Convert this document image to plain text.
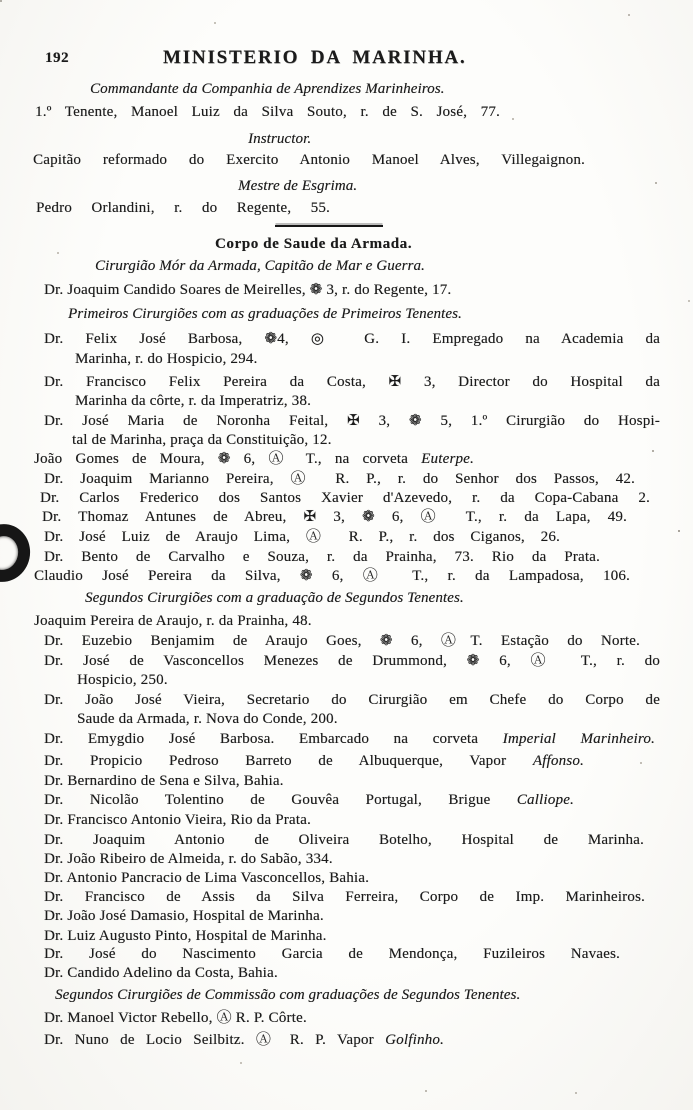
192	MINISTERIO DA MARINHA.
Commandante da Companhia de Aprendizes Marinheiros.
1.º Tenente, Manoel Luiz da Silva Souto, r. de S. José, 77.
Instructor.
Capitão reformado do Exercito Antonio Manoel Alves, Villegaignon.
Mestre de Esgrima.
Pedro Orlandini, r. do Regente, 55.
Corpo de Saude da Armada.
Cirurgião Mór da Armada, Capitão de Mar e Guerra.
Dr. Joaquim Candido Soares de Meirelles, ❁ 3, r. do Regente, 17.
Primeiros Cirurgiões com as graduações de Primeiros Tenentes.
Dr. Felix José Barbosa, ❁4, ◎ G. I. Empregado na Academia da
Marinha, r. do Hospicio, 294.
Dr. Francisco Felix Pereira da Costa, ✠ 3, Director do Hospital da
Marinha da côrte, r. da Imperatriz, 38.
Dr. José Maria de Noronha Feital, ✠ 3, ❁ 5, 1.º Cirurgião do Hospi-
tal de Marinha, praça da Constituição, 12.
João Gomes de Moura, ❁ 6, Ⓐ T., na corveta Euterpe.
Dr. Joaquim Marianno Pereira, Ⓐ R. P., r. do Senhor dos Passos, 42.
Dr. Carlos Frederico dos Santos Xavier d'Azevedo, r. da Copa-Cabana 2.
Dr. Thomaz Antunes de Abreu, ✠ 3, ❁ 6, Ⓐ T., r. da Lapa, 49.
Dr. José Luiz de Araujo Lima, Ⓐ R. P., r. dos Ciganos, 26.
Dr. Bento de Carvalho e Souza, r. da Prainha, 73. Rio da Prata.
Claudio José Pereira da Silva, ❁ 6, Ⓐ T., r. da Lampadosa, 106.
Segundos Cirurgiões com a graduação de Segundos Tenentes.
Joaquim Pereira de Araujo, r. da Prainha, 48.
Dr. Euzebio Benjamim de Araujo Goes, ❁ 6, ⒶT. Estação do Norte.
Dr. José de Vasconcellos Menezes de Drummond, ❁ 6, Ⓐ T., r. do
Hospicio, 250.
Dr. João José Vieira, Secretario do Cirurgião em Chefe do Corpo de
Saude da Armada, r. Nova do Conde, 200.
Dr. Emygdio José Barbosa. Embarcado na corveta Imperial Marinheiro.
Dr. Propicio Pedroso Barreto de Albuquerque, Vapor Affonso.
Dr. Bernardino de Sena e Silva, Bahia.
Dr. Nicolão Tolentino de Gouvêa Portugal, Brigue Calliope.
Dr. Francisco Antonio Vieira, Rio da Prata.
Dr. Joaquim Antonio de Oliveira Botelho, Hospital de Marinha.
Dr. João Ribeiro de Almeida, r. do Sabão, 334.
Dr. Antonio Pancracio de Lima Vasconcellos, Bahia.
Dr. Francisco de Assis da Silva Ferreira, Corpo de Imp. Marinheiros.
Dr. João José Damasio, Hospital de Marinha.
Dr. Luiz Augusto Pinto, Hospital de Marinha.
Dr. José do Nascimento Garcia de Mendonça, Fuzileiros Navaes.
Dr. Candido Adelino da Costa, Bahia.
Segundos Cirurgiões de Commissão com graduações de Segundos Tenentes.
Dr. Manoel Victor Rebello, Ⓐ R. P. Côrte.
Dr. Nuno de Locio Seilbitz. Ⓐ R. P. Vapor Golfinho.
